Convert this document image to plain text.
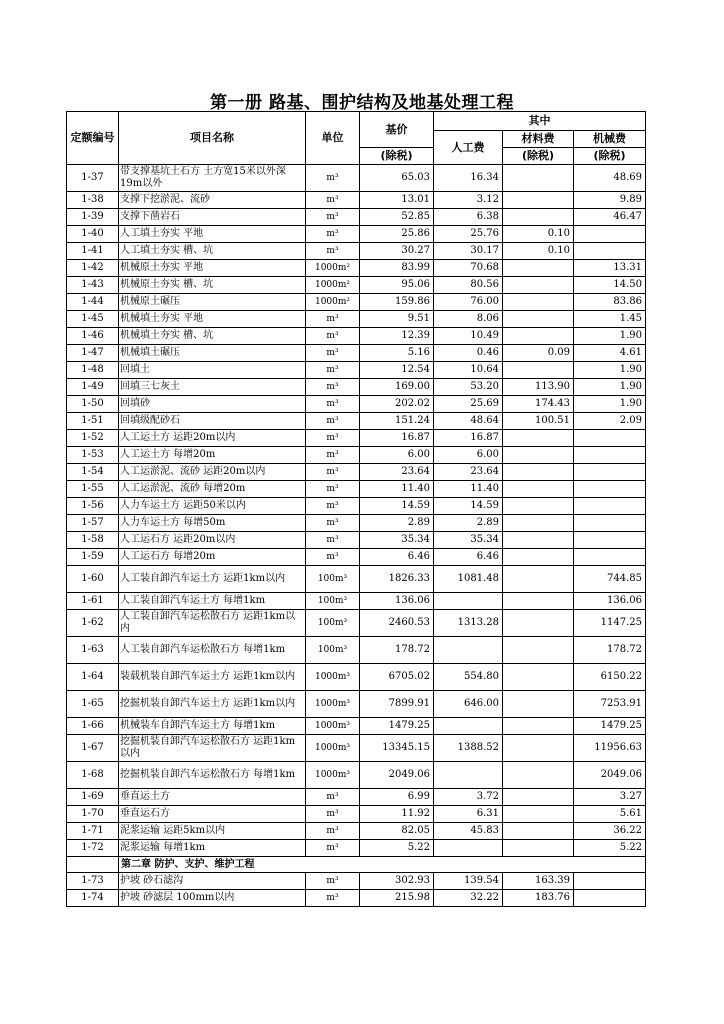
第一册 路基、围护结构及地基处理工程
定额编号	项目名称	单位	基价	其中		
				人工费	材料费	机械费
			(除税)		(除税)	(除税)
1-37	带支撑基坑土石方 土方宽15米以外深19m以外	m³	65.03	16.34		48.69
1-38	支撑下挖淤泥、流砂	m³	13.01	3.12		9.89
1-39	支撑下凿岩石	m³	52.85	6.38		46.47
1-40	人工填土夯实 平地	m³	25.86	25.76	0.10	
1-41	人工填土夯实 槽、坑	m³	30.27	30.17	0.10	
1-42	机械原土夯实 平地	1000m²	83.99	70.68		13.31
1-43	机械原土夯实 槽、坑	1000m²	95.06	80.56		14.50
1-44	机械原土碾压	1000m²	159.86	76.00		83.86
1-45	机械填土夯实 平地	m³	9.51	8.06		1.45
1-46	机械填土夯实 槽、坑	m³	12.39	10.49		1.90
1-47	机械填土碾压	m³	5.16	0.46	0.09	4.61
1-48	回填土	m³	12.54	10.64		1.90
1-49	回填三七灰土	m³	169.00	53.20	113.90	1.90
1-50	回填砂	m³	202.02	25.69	174.43	1.90
1-51	回填级配砂石	m³	151.24	48.64	100.51	2.09
1-52	人工运土方 运距20m以内	m³	16.87	16.87		
1-53	人工运土方 每增20m	m³	6.00	6.00		
1-54	人工运淤泥、流砂 运距20m以内	m³	23.64	23.64		
1-55	人工运淤泥、流砂 每增20m	m³	11.40	11.40		
1-56	人力车运土方 运距50米以内	m³	14.59	14.59		
1-57	人力车运土方 每增50m	m³	2.89	2.89		
1-58	人工运石方 运距20m以内	m³	35.34	35.34		
1-59	人工运石方 每增20m	m³	6.46	6.46		
1-60	人工装自卸汽车运土方 运距1km以内	100m³	1826.33	1081.48		744.85
1-61	人工装自卸汽车运土方 每增1km	100m³	136.06			136.06
1-62	人工装自卸汽车运松散石方 运距1km以内	100m³	2460.53	1313.28		1147.25
1-63	人工装自卸汽车运松散石方 每增1km	100m³	178.72			178.72
1-64	装载机装自卸汽车运土方 运距1km以内	1000m³	6705.02	554.80		6150.22
1-65	挖掘机装自卸汽车运土方 运距1km以内	1000m³	7899.91	646.00		7253.91
1-66	机械装车自卸汽车运土方 每增1km	1000m³	1479.25			1479.25
1-67	挖掘机装自卸汽车运松散石方 运距1km以内	1000m³	13345.15	1388.52		11956.63
1-68	挖掘机装自卸汽车运松散石方 每增1km	1000m³	2049.06			2049.06
1-69	垂直运土方	m³	6.99	3.72		3.27
1-70	垂直运石方	m³	11.92	6.31		5.61
1-71	泥浆运输 运距5km以内	m³	82.05	45.83		36.22
1-72	泥浆运输 每增1km	m³	5.22			5.22
	第二章 防护、支护、维护工程					
1-73	护坡 砂石滤沟	m³	302.93	139.54	163.39	
1-74	护坡 砂滤层 100mm以内	m³	215.98	32.22	183.76	
